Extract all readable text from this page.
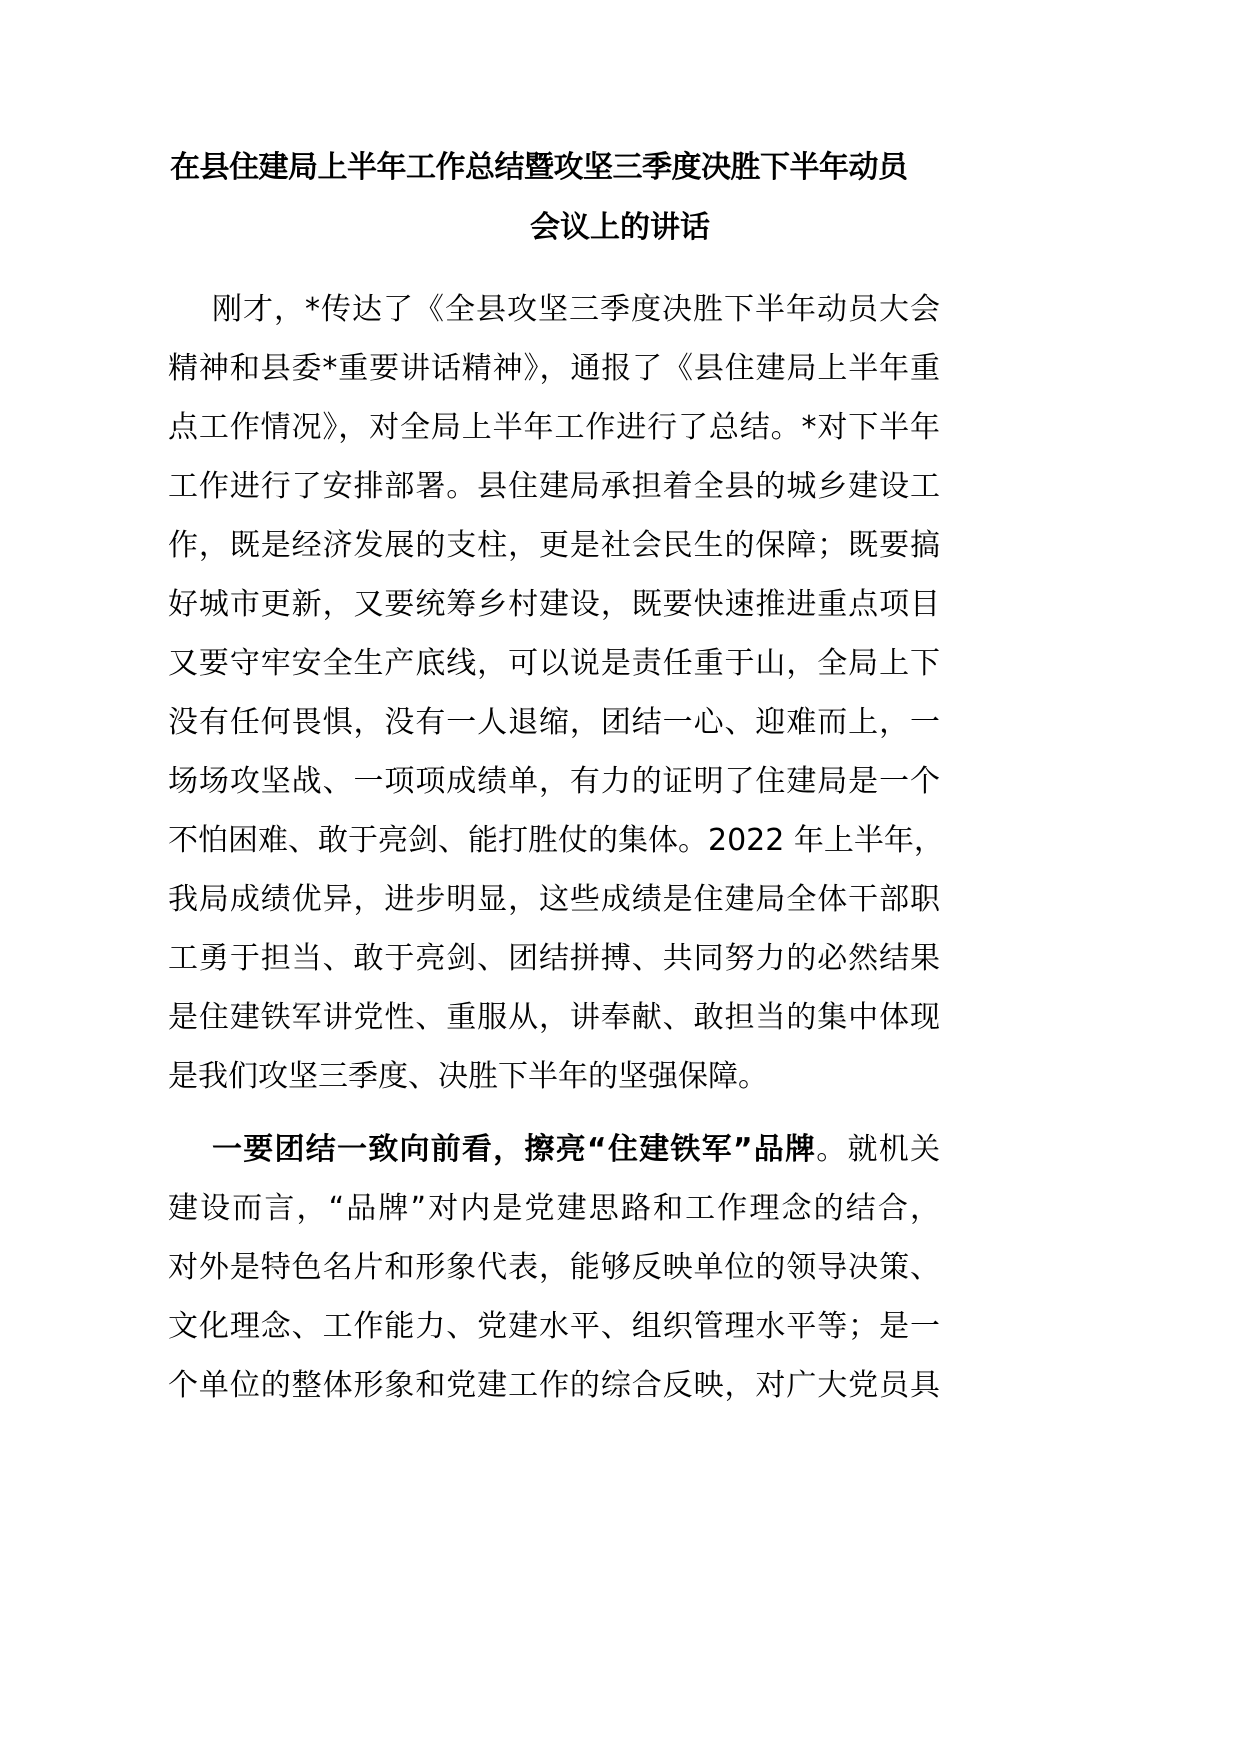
在县住建局上半年工作总结暨攻坚三季度决胜下半年动员
会议上的讲话
刚才，*传达了《全县攻坚三季度决胜下半年动员大会
精神和县委*重要讲话精神》，通报了《县住建局上半年重
点工作情况》，对全局上半年工作进行了总结。*对下半年
工作进行了安排部署。县住建局承担着全县的城乡建设工
作，既是经济发展的支柱，更是社会民生的保障；既要搞
好城市更新，又要统筹乡村建设，既要快速推进重点项目
又要守牢安全生产底线，可以说是责任重于山，全局上下
没有任何畏惧，没有一人退缩，团结一心、迎难而上，一
场场攻坚战、一项项成绩单，有力的证明了住建局是一个
不怕困难、敢于亮剑、能打胜仗的集体。2022 年上半年，
我局成绩优异，进步明显，这些成绩是住建局全体干部职
工勇于担当、敢于亮剑、团结拼搏、共同努力的必然结果
是住建铁军讲党性、重服从，讲奉献、敢担当的集中体现
是我们攻坚三季度、决胜下半年的坚强保障。
一要团结一致向前看，擦亮“住建铁军”品牌。就机关
建设而言，“品牌”对内是党建思路和工作理念的结合，
对外是特色名片和形象代表，能够反映单位的领导决策、
文化理念、工作能力、党建水平、组织管理水平等；是一
个单位的整体形象和党建工作的综合反映，对广大党员具
